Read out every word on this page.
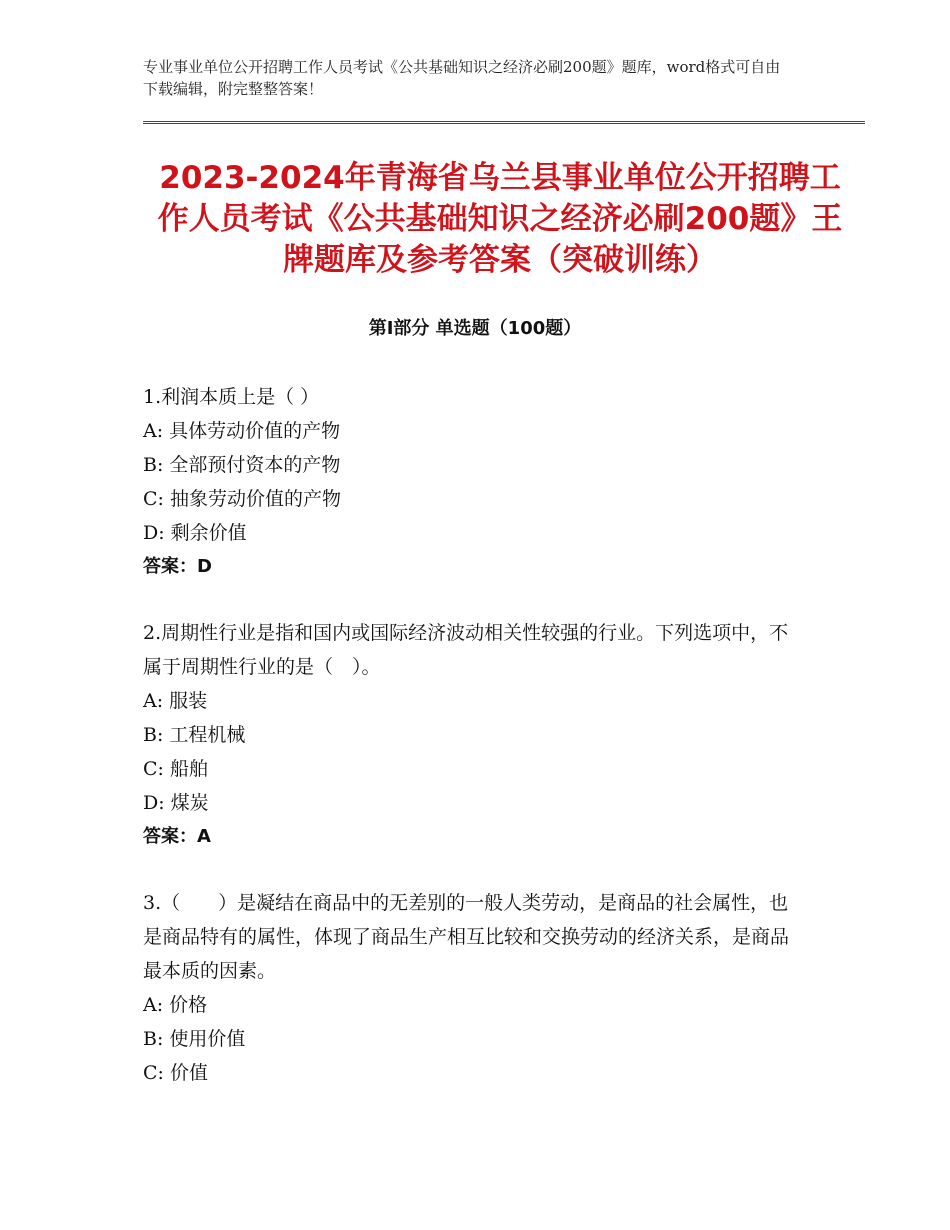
专业事业单位公开招聘工作人员考试《公共基础知识之经济必刷200题》题库，word格式可自由下载编辑，附完整整答案！
2023-2024年青海省乌兰县事业单位公开招聘工作人员考试《公共基础知识之经济必刷200题》王牌题库及参考答案（突破训练）
第Ⅰ部分 单选题（100题）
1.利润本质上是（ ）
A: 具体劳动价值的产物
B: 全部预付资本的产物
C: 抽象劳动价值的产物
D: 剩余价值
答案：D
2.周期性行业是指和国内或国际经济波动相关性较强的行业。下列选项中，不属于周期性行业的是（　）。
A: 服装
B: 工程机械
C: 船舶
D: 煤炭
答案：A
3.（　　）是凝结在商品中的无差别的一般人类劳动，是商品的社会属性，也是商品特有的属性，体现了商品生产相互比较和交换劳动的经济关系，是商品最本质的因素。
A: 价格
B: 使用价值
C: 价值
